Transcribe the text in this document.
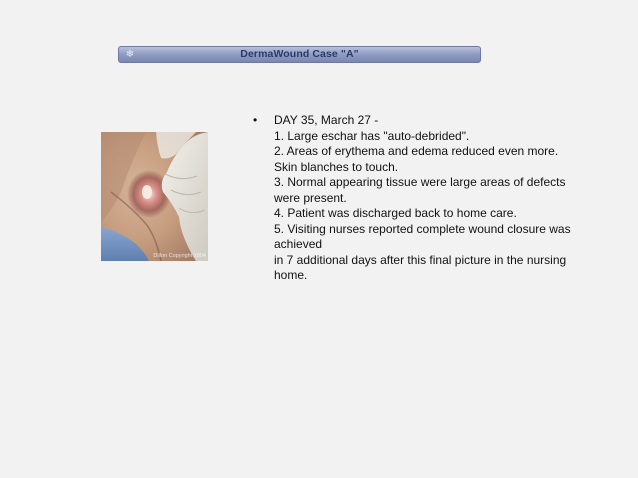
❄	DermaWound Case "A"
Dillon Copyright 2004
•	DAY 35, March 27 -
1. Large eschar has "auto-debrided".
2. Areas of erythema and edema reduced even more.
Skin blanches to touch.
3. Normal appearing tissue were large areas of defects
were present.
4. Patient was discharged back to home care.
5. Visiting nurses reported complete wound closure was
achieved
in 7 additional days after this final picture in the nursing
home.
